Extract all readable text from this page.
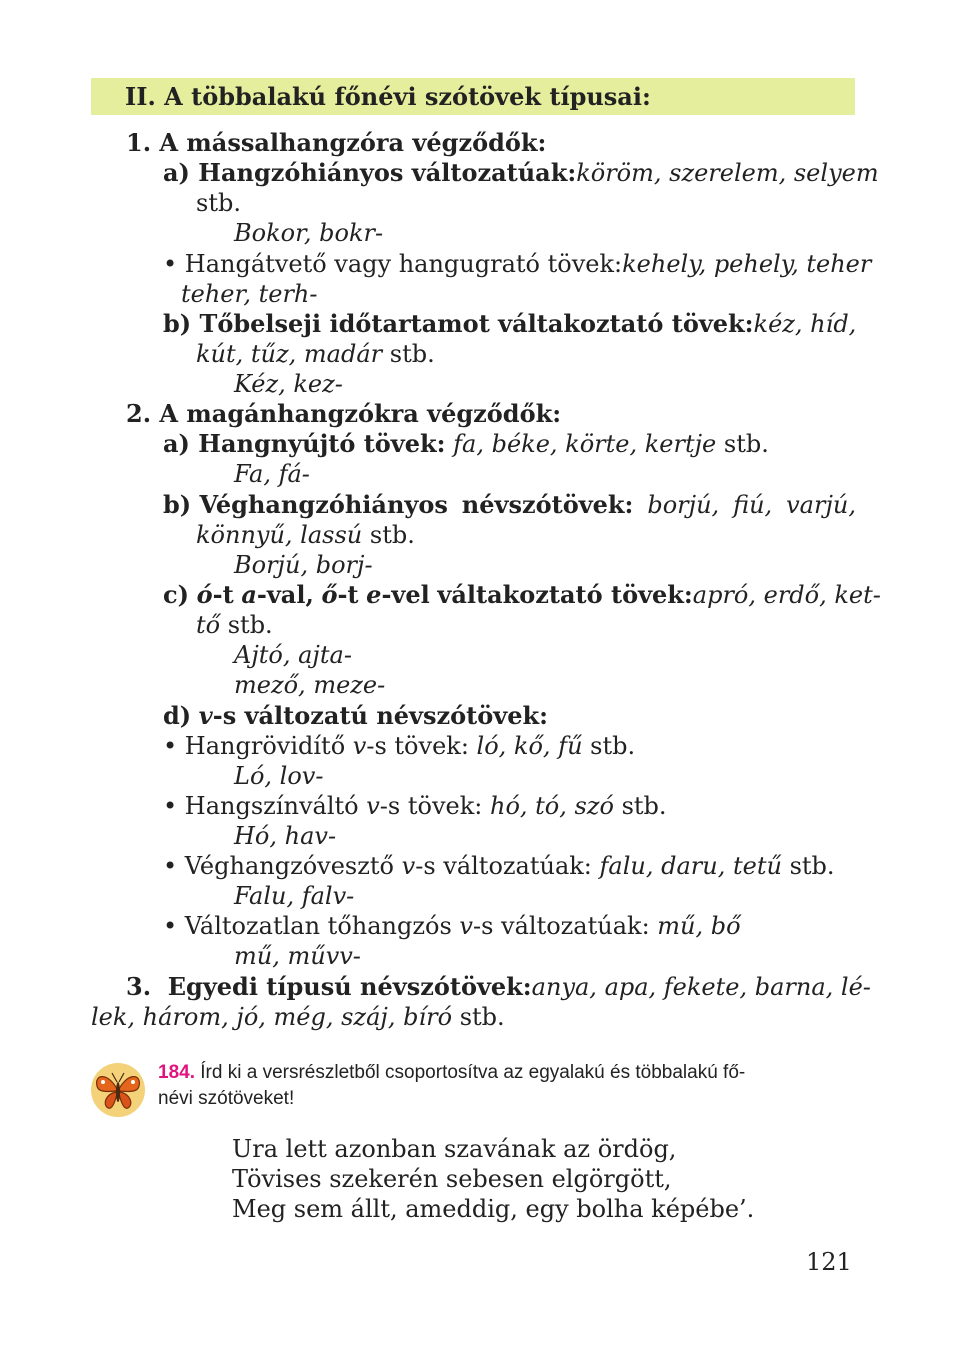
II. A többalakú főnévi szótövek típusai:
1. A mássalhangzóra végződők:
a) Hangzóhiányos változatúak: köröm, szerelem, selyem
stb.
Bokor, bokr-
• Hangátvető vagy hangugrató tövek: kehely, pehely, teher
teher, terh-
b) Tőbelseji időtartamot váltakoztató tövek: kéz, híd,
kút, tűz, madár stb.
Kéz, kez-
2. A magánhangzókra végződők:
a) Hangnyújtó tövek: fa, béke, körte, kertje stb.
Fa, fá-
b) Véghangzóhiányos névszótövek: borjú, fiú, varjú,
könnyű, lassú stb.
Borjú, borj-
c) ó-t a-val, ő-t e-vel váltakoztató tövek: apró, erdő, ket-
tő stb.
Ajtó, ajta-
mező, meze-
d) v-s változatú névszótövek:
• Hangrövidítő v-s tövek: ló, kő, fű stb.
Ló, lov-
• Hangszínváltó v-s tövek: hó, tó, szó stb.
Hó, hav-
• Véghangzóvesztő v-s változatúak: falu, daru, tetű stb.
Falu, falv-
• Változatlan tőhangzós v-s változatúak: mű, bő
mű, művv-
3.  Egyedi típusú névszótövek: anya, apa, fekete, barna, lé-
lek, három, jó, még, száj, bíró stb.
184. Írd ki a versrészletből csoportosítva az egyalakú és többalakú fő-
névi szótöveket!
Ura lett azonban szavának az ördög,
Tövises szekerén sebesen elgörgött,
Meg sem állt, ameddig, egy bolha képébe’.
121
